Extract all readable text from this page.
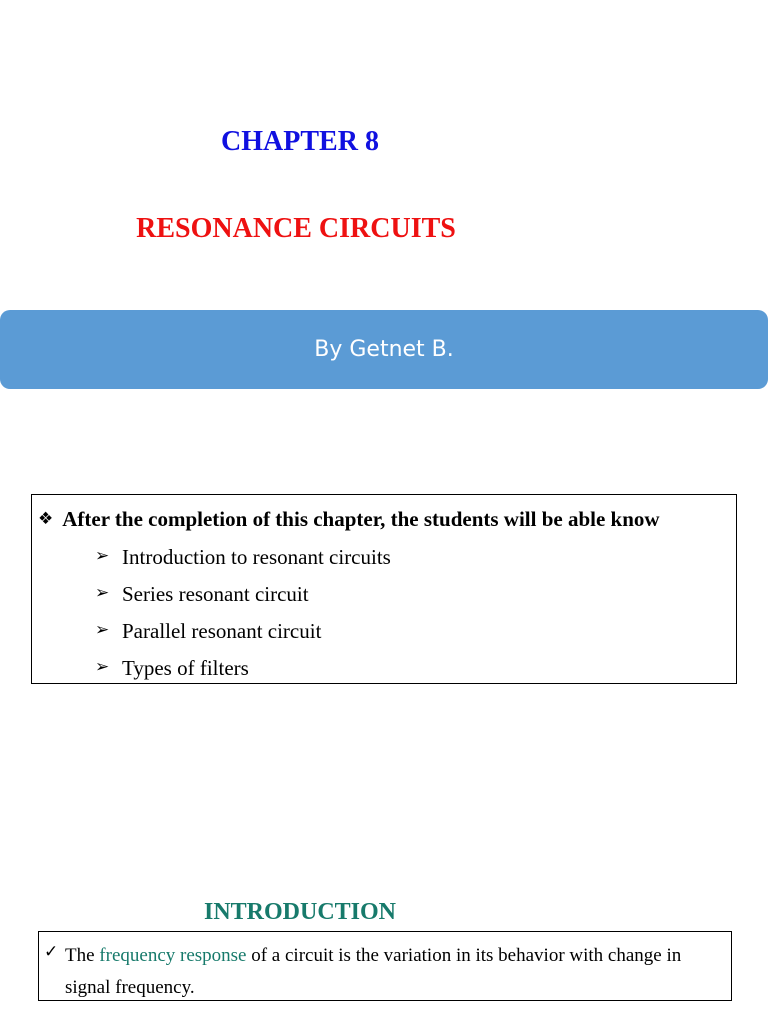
CHAPTER 8
RESONANCE CIRCUITS
By Getnet B.
❖ After the completion of this chapter, the students will be able know
➢ Introduction to resonant circuits
➢ Series resonant circuit
➢ Parallel resonant circuit
➢ Types of filters
INTRODUCTION
✓ The frequency response of a circuit is the variation in its behavior with change in signal frequency.
